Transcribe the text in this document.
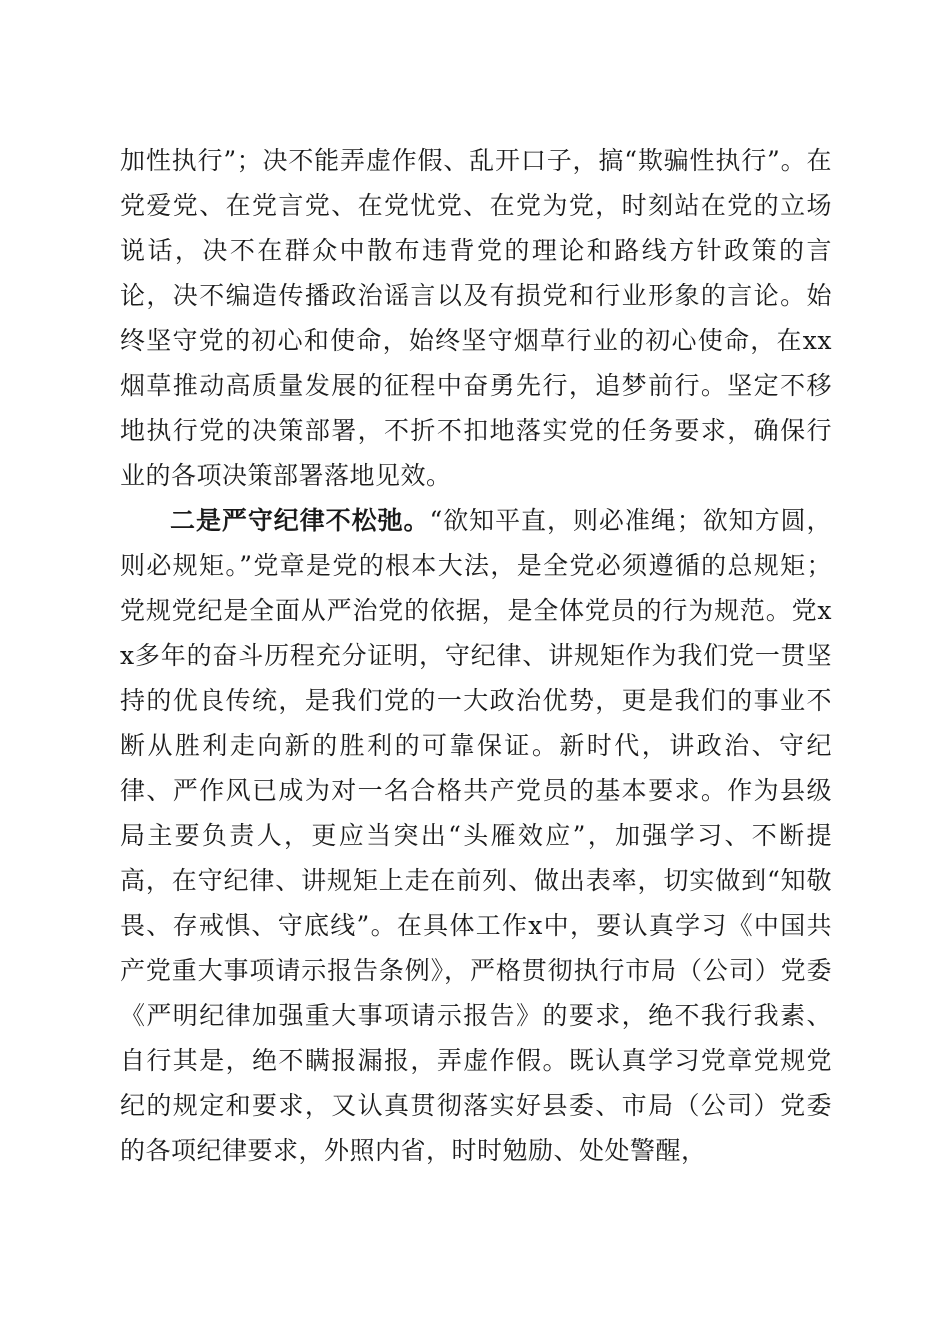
加性执行”；决不能弄虚作假、乱开口子，搞“欺骗性执行”。在党爱党、在党言党、在党忧党、在党为党，时刻站在党的立场说话，决不在群众中散布违背党的理论和路线方针政策的言论，决不编造传播政治谣言以及有损党和行业形象的言论。始终坚守党的初心和使命，始终坚守烟草行业的初心使命，在xx烟草推动高质量发展的征程中奋勇先行，追梦前行。坚定不移地执行党的决策部署，不折不扣地落实党的任务要求，确保行业的各项决策部署落地见效。

二是严守纪律不松弛。“欲知平直，则必准绳；欲知方圆，则必规矩。”党章是党的根本大法，是全党必须遵循的总规矩；党规党纪是全面从严治党的依据，是全体党员的行为规范。党xx多年的奋斗历程充分证明，守纪律、讲规矩作为我们党一贯坚持的优良传统，是我们党的一大政治优势，更是我们的事业不断从胜利走向新的胜利的可靠保证。新时代，讲政治、守纪律、严作风已成为对一名合格共产党员的基本要求。作为县级局主要负责人，更应当突出“头雁效应”，加强学习、不断提高，在守纪律、讲规矩上走在前列、做出表率，切实做到“知敬畏、存戒惧、守底线”。在具体工作x中，要认真学习《中国共产党重大事项请示报告条例》，严格贯彻执行市局（公司）党委《严明纪律加强重大事项请示报告》的要求，绝不我行我素、自行其是，绝不瞒报漏报，弄虚作假。既认真学习党章党规党纪的规定和要求，又认真贯彻落实好县委、市局（公司）党委的各项纪律要求，外照内省，时时勉励、处处警醒，
